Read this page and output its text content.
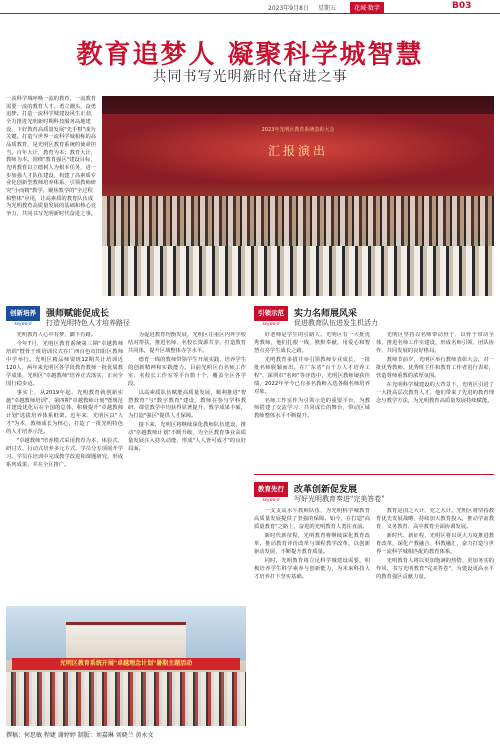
2023年9月8日 星期五	花城·数字	B03
教育追梦人 凝聚科学城智慧
共同书写光明新时代奋进之事
一流科学城呼唤一流的教育，一流教育需要一流的教育人才。勇立潮头，奋勇追梦。打造一流科学城建设风生正劲，全力推进光明新时期科技服务高地建设，下好教育高质量发展"先手棋"成为关键。打造与世界一流科学城相称的高品质教育，是光明区教育系统的使命担当。百年大计，教育为本；教育大计，教师为本。围绕"教育强区"建设目标，光明教育以立德树人为根本任务，进一步加强人才队伍建设，构建了高素质专业化创新型教师培养体系，引领教师研究"小而精"教学，聚焦教学的"全过程和整体"应用，让高素质的教育队伍成为光明教育高质量发展的基础和核心竞争力，共同书写光明新时代奋进之事。
2023年光明区教育系统表彰大会
汇报演出
创新培养
keyword
强师赋能促成长
打造光明特色人才培养路径

光明教育人心中有梦，脚下有路。

今年7月，光明区教育系统第三期"卓越教师培训"暨骨干班培训仪式在广西百色市田阳区教师中学举行。光明区精品师资班12期共计培训近120人，两年来光明区各学段教育教师一批优质教学成果，光明区"卓越教师"培养正式落实，正向全国行稳步迈。

事实上，从2019年起，光明教育就创新实施"卓越教师培训"、第四期"卓越教师计划"暨规范并建设优化后在全国的总体，积极提升"卓越教师计划"选拔培养体系框架。近年来，光明区以"人才"为本，教师成长为核心，打造了一批光明特色的人才培养示范。

"卓越教师"培养模式采用教育为本，体验式、研讨式、行动式培养多元方式，学员分专项展开学习。学员在培训中完成教学改进和课题研究，形成系列成果，并在全区推广。

为促进教育均衡发展，光明区注重区内外学校结对帮扶，推进名师、名校长资源共享，打造教育共同体，提升区域整体办学水平。

德育一线的教师带领学生开展实践，培养学生的创新精神和实践能力。目前光明区有名师工作室、名校长工作室等平台数十个，覆盖全区各学段。

以高素质队伍赋能高质量发展，顺利推进"智慧教育"与"数字教育"建设，教师在参与学科教研、课堂教学中均获得显著提升，教学成果丰硕，为打造"强区"提供人才保障。

接下来，光明区将继续深化教师队伍建设，推动"卓越教师计划"不断升级，为全区教育事业高质量发展注入持久动能，形成"人人皆可成才"的良好局面。

引领示范
keyword
实力名师展风采
促进教育队伍进发生机活力

好老师是学生的引路人。光明区有一大批优秀教师，他们扎根一线，默默奉献，用爱心和智慧点亮学生成长之路。

光明教育多措并举引领教师专业成长，一批批名师脱颖而出。在广东省"百千万人才培养工程"、深圳市"名师"等评选中，光明区教师屡获佳绩，2022年至今已有多名教师入选各级名师培养对象。

名师工作室作为引领示范的重要平台，为教师搭建了交流学习、共同成长的舞台，带动区域教师整体水平不断提升。

光明区坚持以名师带动骨干、以骨干带动全体，推进名师工作室建设，形成名师引领、团队协作、共同发展的良好格局。

教师节前夕，光明区举行教师表彰大会，对一批优秀教师、优秀班主任和教育工作者进行表彰，营造尊师重教的浓厚氛围。

在光明科学城建设的大背景下，光明区引进了一大批高层次教育人才，他们带来了先进的教育理念与教学方法，为光明教育高质量发展持续赋能。

教育先行
keyword
改革创新促发展
写好光明教育奏进"完美答卷"

一支支高水平教师队伍，为光明科学城教育高质量发展提供了坚强的保障。如今，在打造"高质量教育"之路上，奋进的光明教育人勇往直前。

新时代新征程，光明教育将继续深化教育改革，推动教育评价改革与课程教学改革，以创新驱动发展，不断提升教育质量。

同时，光明教育将立足科学城建设需要，积极培养学生科学素养与创新能力，为未来科技人才培养打下坚实基础。

教育是国之大计、党之大计。光明区将坚持教育优先发展战略，持续加大教育投入，推动学前教育、义务教育、高中教育全面协调发展。

新时代、新征程，光明区将以更大力度推进教育改革，深化产教融合、科教融汇，奋力打造与世界一流科学城相匹配的教育体系。

光明教育人将以更加饱满的热情、更加务实的作风，书写光明教育"完美答卷"，为建设更高水平的教育强区贡献力量。

光明区教育系统开展"卓越理念计划"暑期主题活动
撰稿：何思敏 程婕 谢婷婷 制版：刘嘉琳 刘晓兰 黄永文
